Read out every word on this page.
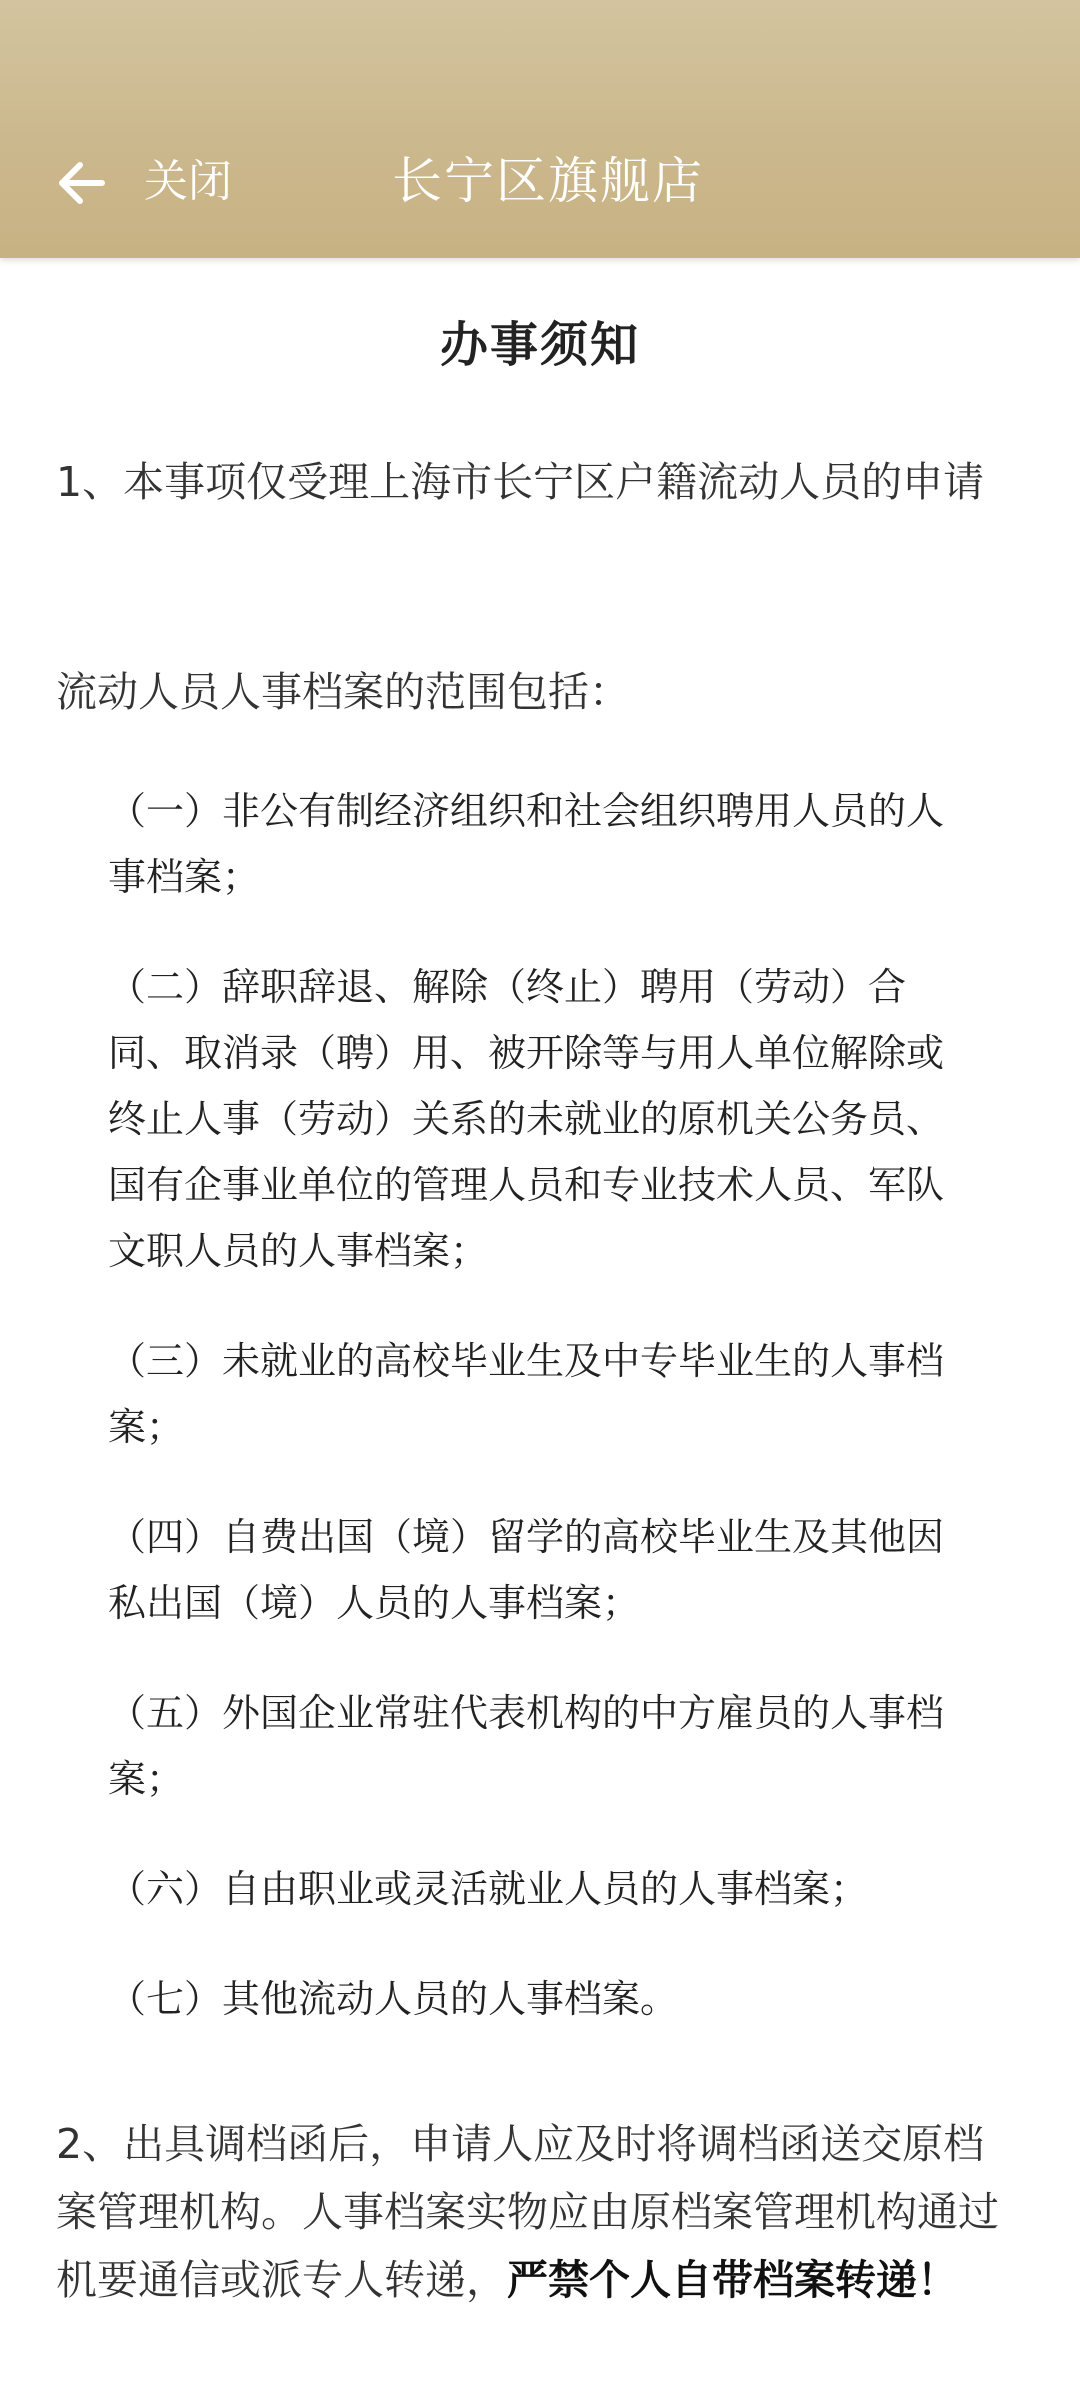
关闭	长宁区旗舰店
办事须知
1、本事项仅受理上海市长宁区户籍流动人员的申请
流动人员人事档案的范围包括：
（一）非公有制经济组织和社会组织聘用人员的人事档案；
（二）辞职辞退、解除（终止）聘用（劳动）合同、取消录（聘）用、被开除等与用人单位解除或终止人事（劳动）关系的未就业的原机关公务员、国有企事业单位的管理人员和专业技术人员、军队文职人员的人事档案；
（三）未就业的高校毕业生及中专毕业生的人事档案；
（四）自费出国（境）留学的高校毕业生及其他因私出国（境）人员的人事档案；
（五）外国企业常驻代表机构的中方雇员的人事档案；
（六）自由职业或灵活就业人员的人事档案；
（七）其他流动人员的人事档案。
2、出具调档函后，申请人应及时将调档函送交原档案管理机构。人事档案实物应由原档案管理机构通过机要通信或派专人转递，严禁个人自带档案转递！
